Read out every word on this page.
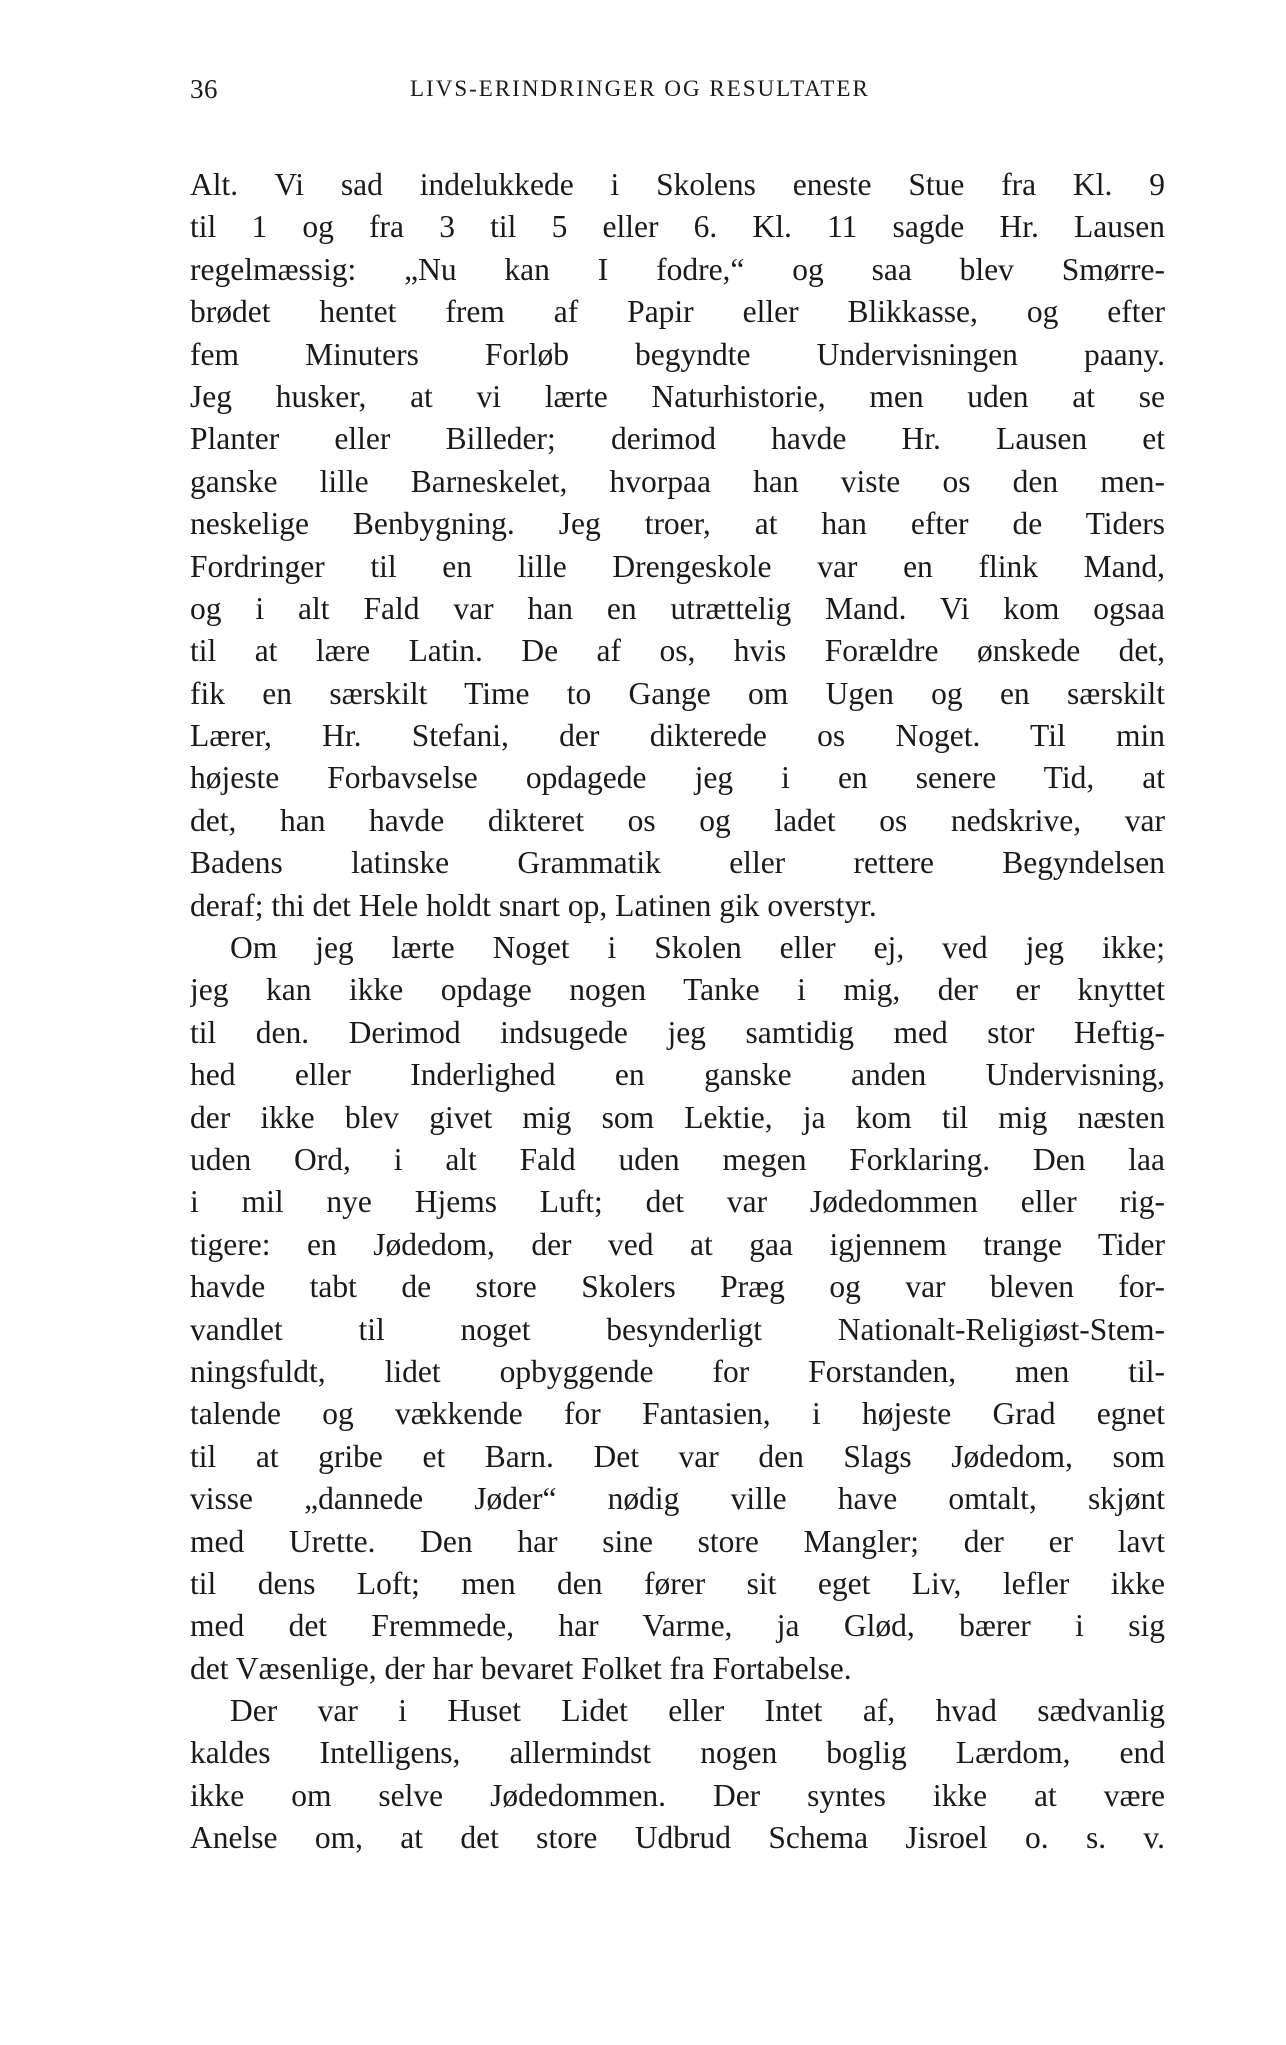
36	LIVS-ERINDRINGER OG RESULTATER
Alt. Vi sad indelukkede i Skolens eneste Stue fra Kl. 9
til 1 og fra 3 til 5 eller 6. Kl. 11 sagde Hr. Lausen
regelmæssig: „Nu kan I fodre,“ og saa blev Smørre-
brødet hentet frem af Papir eller Blikkasse, og efter
fem Minuters Forløb begyndte Undervisningen paany.
Jeg husker, at vi lærte Naturhistorie, men uden at se
Planter eller Billeder; derimod havde Hr. Lausen et
ganske lille Barneskelet, hvorpaa han viste os den men-
neskelige Benbygning. Jeg troer, at han efter de Tiders
Fordringer til en lille Drengeskole var en flink Mand,
og i alt Fald var han en utrættelig Mand. Vi kom ogsaa
til at lære Latin. De af os, hvis Forældre ønskede det,
fik en særskilt Time to Gange om Ugen og en særskilt
Lærer, Hr. Stefani, der dikterede os Noget. Til min
højeste Forbavselse opdagede jeg i en senere Tid, at
det, han havde dikteret os og ladet os nedskrive, var
Badens latinske Grammatik eller rettere Begyndelsen
deraf; thi det Hele holdt snart op, Latinen gik overstyr.
Om jeg lærte Noget i Skolen eller ej, ved jeg ikke;
jeg kan ikke opdage nogen Tanke i mig, der er knyttet
til den. Derimod indsugede jeg samtidig med stor Heftig-
hed eller Inderlighed en ganske anden Undervisning,
der ikke blev givet mig som Lektie, ja kom til mig næsten
uden Ord, i alt Fald uden megen Forklaring. Den laa
i mil nye Hjems Luft; det var Jødedommen eller rig-
tigere: en Jødedom, der ved at gaa igjennem trange Tider
havde tabt de store Skolers Præg og var bleven for-
vandlet til noget besynderligt Nationalt-Religiøst-Stem-
ningsfuldt, lidet opbyggende for Forstanden, men til-
talende og vækkende for Fantasien, i højeste Grad egnet
til at gribe et Barn. Det var den Slags Jødedom, som
visse „dannede Jøder“ nødig ville have omtalt, skjønt
med Urette. Den har sine store Mangler; der er lavt
til dens Loft; men den fører sit eget Liv, lefler ikke
med det Fremmede, har Varme, ja Glød, bærer i sig
det Væsenlige, der har bevaret Folket fra Fortabelse.
Der var i Huset Lidet eller Intet af, hvad sædvanlig
kaldes Intelligens, allermindst nogen boglig Lærdom, end
ikke om selve Jødedommen. Der syntes ikke at være
Anelse om, at det store Udbrud Schema Jisroel o. s. v.
